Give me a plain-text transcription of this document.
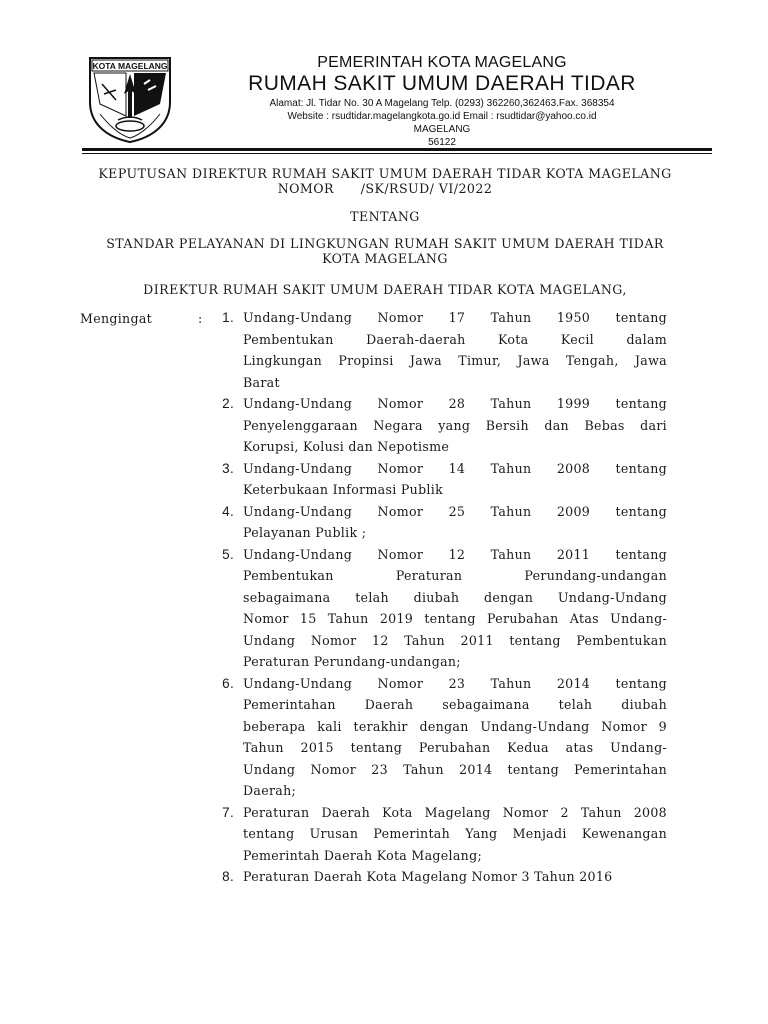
KOTA MAGELANG	PEMERINTAH KOTA MAGELANG
RUMAH SAKIT UMUM DAERAH TIDAR
Alamat: Jl. Tidar No. 30 A Magelang Telp. (0293) 362260,362463.Fax. 368354
Website : rsudtidar.magelangkota.go.id Email : rsudtidar@yahoo.co.id
MAGELANG
56122
KEPUTUSAN DIREKTUR RUMAH SAKIT UMUM DAERAH TIDAR KOTA MAGELANG
NOMOR      /SK/RSUD/ VI/2022
TENTANG
STANDAR PELAYANAN DI LINGKUNGAN RUMAH SAKIT UMUM DAERAH TIDAR
KOTA MAGELANG
DIREKTUR RUMAH SAKIT UMUM DAERAH TIDAR KOTA MAGELANG,
Mengingat	:	1. Undang-Undang Nomor 17 Tahun 1950 tentang
Pembentukan Daerah-daerah Kota Kecil dalam
Lingkungan Propinsi Jawa Timur, Jawa Tengah, Jawa
Barat
2. Undang-Undang Nomor 28 Tahun 1999 tentang
Penyelenggaraan Negara yang Bersih dan Bebas dari
Korupsi, Kolusi dan Nepotisme
3. Undang-Undang Nomor 14 Tahun 2008 tentang
Keterbukaan Informasi Publik
4. Undang-Undang Nomor 25 Tahun 2009 tentang
Pelayanan Publik ;
5. Undang-Undang Nomor 12 Tahun 2011 tentang
Pembentukan Peraturan Perundang-undangan
sebagaimana telah diubah dengan Undang-Undang
Nomor 15 Tahun 2019 tentang Perubahan Atas Undang-
Undang Nomor 12 Tahun 2011 tentang Pembentukan
Peraturan Perundang-undangan;
6. Undang-Undang Nomor 23 Tahun 2014 tentang
Pemerintahan Daerah sebagaimana telah diubah
beberapa kali terakhir dengan Undang-Undang Nomor 9
Tahun 2015 tentang Perubahan Kedua atas Undang-
Undang Nomor 23 Tahun 2014 tentang Pemerintahan
Daerah;
7. Peraturan Daerah Kota Magelang Nomor 2 Tahun 2008
tentang Urusan Pemerintah Yang Menjadi Kewenangan
Pemerintah Daerah Kota Magelang;
8. Peraturan Daerah Kota Magelang Nomor 3 Tahun 2016
